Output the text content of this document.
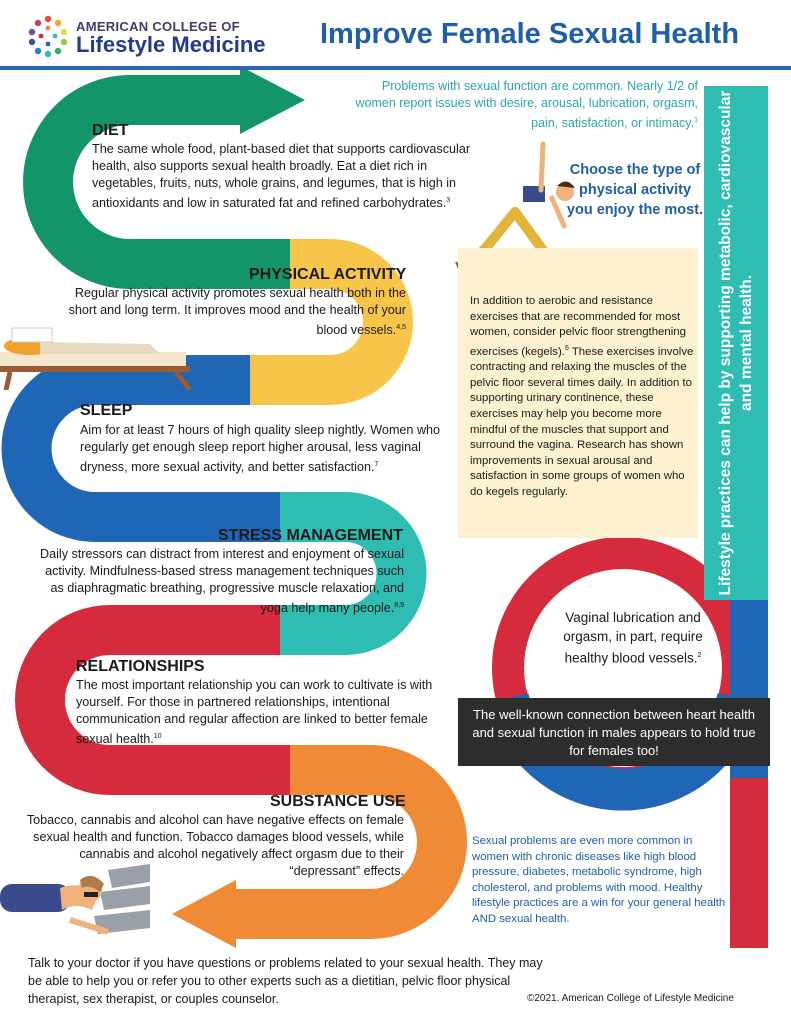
AMERICAN COLLEGE OF
Lifestyle Medicine Improve Female Sexual Health
Problems with sexual function are common. Nearly 1/2 of women report issues with desire, arousal, lubrication, orgasm, pain, satisfaction, or intimacy.$^1$ Lifestyle practices can help by supporting metabolic, cardiovascular and mental health.
Choose the type of physical activity you enjoy the most.
In addition to aerobic and resistance exercises that are recommended for most women, consider pelvic floor strengthening exercises (kegels).$^6$ These exercises involve contracting and relaxing the muscles of the pelvic floor several times daily. In addition to supporting urinary continence, these exercises may help you become more mindful of the muscles that support and surround the vagina. Research has shown improvements in sexual arousal and satisfaction in some groups of women who do kegels regularly.
DIET
The same whole food, plant-based diet that supports cardiovascular health, also supports sexual health broadly. Eat a diet rich in vegetables, fruits, nuts, whole grains, and legumes, that is high in antioxidants and low in saturated fat and refined carbohydrates.$^3$
PHYSICAL ACTIVITY
Regular physical activity promotes sexual health both in the short and long term. It improves mood and the health of your blood vessels.$^{4,5}$
SLEEP
Aim for at least 7 hours of high quality sleep nightly. Women who regularly get enough sleep report higher arousal, less vaginal dryness, more sexual activity, and better satisfaction.$^7$
STRESS MANAGEMENT
Daily stressors can distract from interest and enjoyment of sexual activity. Mindfulness-based stress management techniques such as diaphragmatic breathing, progressive muscle relaxation, and yoga help many people.$^{8,9}$
RELATIONSHIPS
The most important relationship you can work to cultivate is with yourself. For those in partnered relationships, intentional communication and regular affection are linked to better female sexual health.$^{10}$
SUBSTANCE USE
Tobacco, cannabis and alcohol can have negative effects on female sexual health and function. Tobacco damages blood vessels, while cannabis and alcohol negatively affect orgasm due to their “depressant” effects.
DID YOU KNOW?
Vaginal lubrication and orgasm, in part, require healthy blood vessels.$^2$
The well-known connection between heart health and sexual function in males appears to hold true for females too!
Sexual problems are even more common in women with chronic diseases like high blood pressure, diabetes, metabolic syndrome, high cholesterol, and problems with mood. Healthy lifestyle practices are a win for your general health AND sexual health.
Talk to your doctor if you have questions or problems related to your sexual health. They may be able to help you or refer you to other experts such as a dietitian, pelvic floor physical therapist, sex therapist, or couples counselor.	©2021. American College of Lifestyle Medicine
